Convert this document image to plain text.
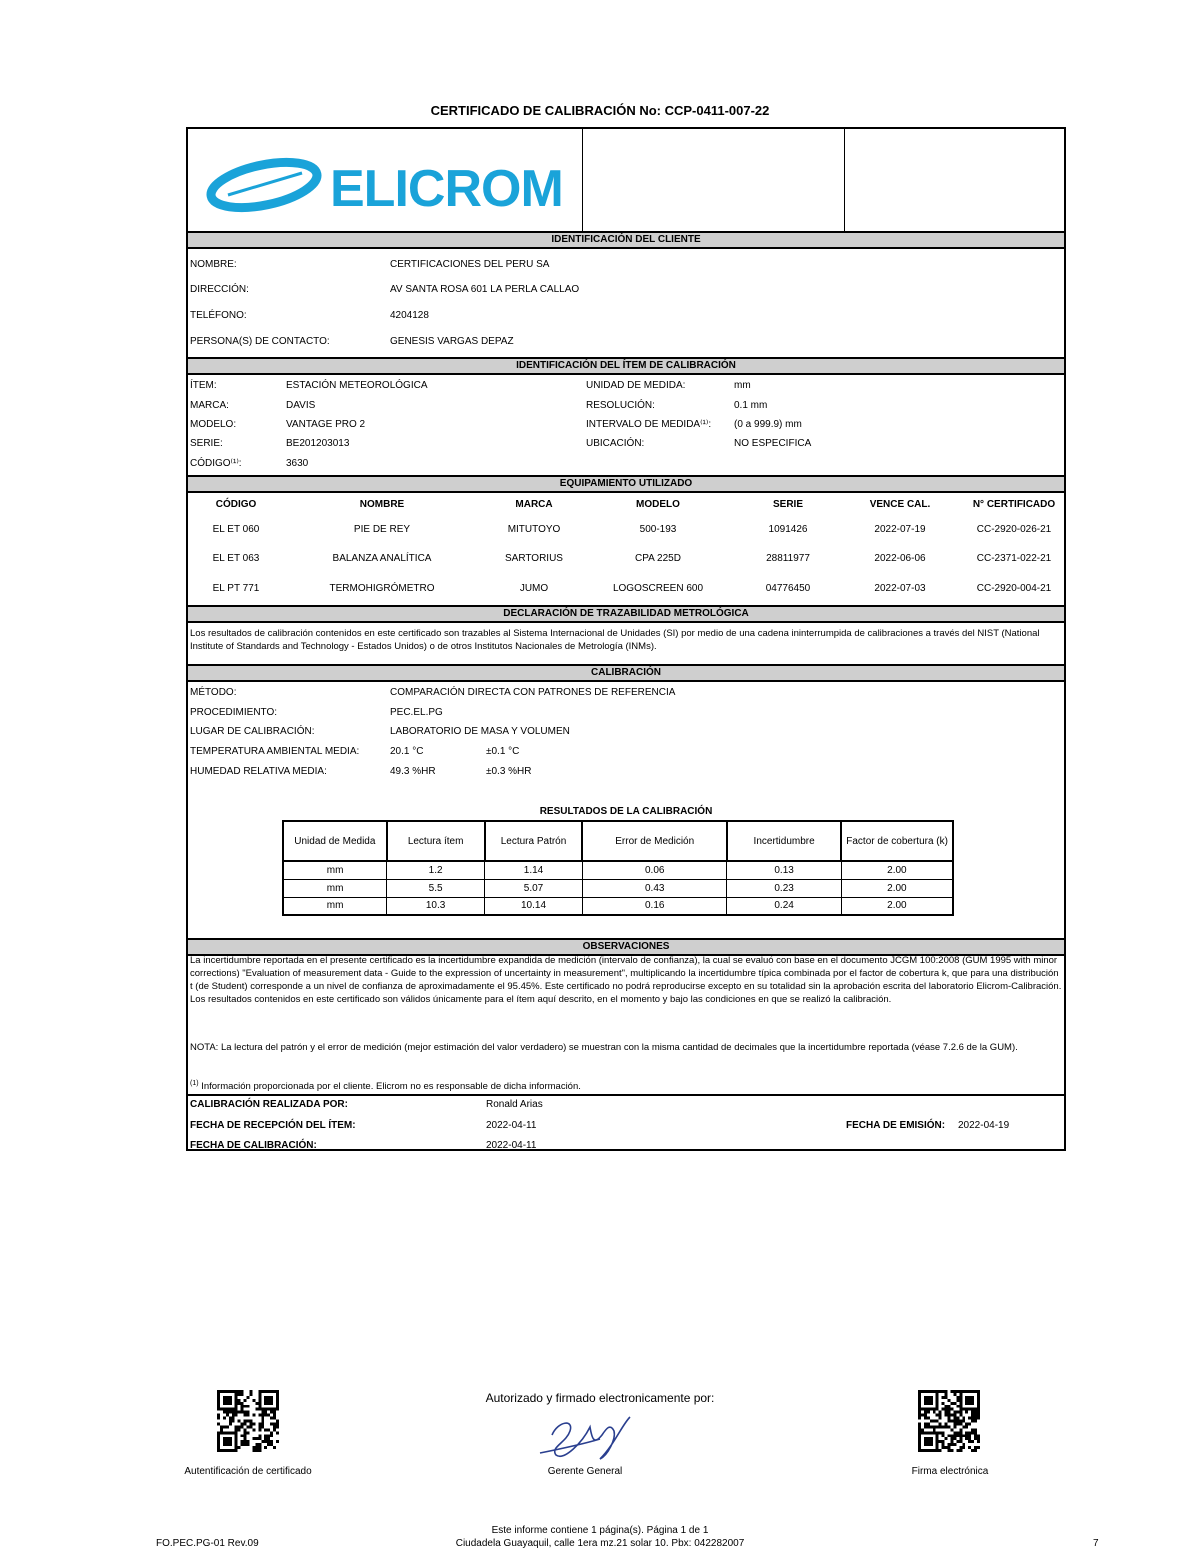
CERTIFICADO DE CALIBRACIÓN No: CCP-0411-007-22
ELICROM
IDENTIFICACIÓN DEL CLIENTE
NOMBRE:	CERTIFICACIONES DEL PERU SA
DIRECCIÓN:	AV SANTA ROSA 601 LA PERLA CALLAO
TELÉFONO:	4204128
PERSONA(S) DE CONTACTO:	GENESIS VARGAS DEPAZ
IDENTIFICACIÓN DEL ÍTEM DE CALIBRACIÓN
ÍTEM:	ESTACIÓN METEOROLÓGICA
MARCA:	DAVIS
MODELO:	VANTAGE PRO 2
SERIE:	BE201203013
CÓDIGO⁽¹⁾:	3630
UNIDAD DE MEDIDA:	mm
RESOLUCIÓN:	0.1 mm
INTERVALO DE MEDIDA⁽¹⁾: (0 a 999.9) mm
UBICACIÓN:	NO ESPECIFICA
EQUIPAMIENTO UTILIZADO
CÓDIGO	NOMBRE	MARCA	MODELO	SERIE	VENCE CAL.	N° CERTIFICADO
EL ET 060	PIE DE REY	MITUTOYO	500-193	1091426	2022-07-19	CC-2920-026-21
EL ET 063	BALANZA ANALÍTICA	SARTORIUS	CPA 225D	28811977	2022-06-06	CC-2371-022-21
EL PT 771	TERMOHIGRÓMETRO	JUMO	LOGOSCREEN 600	04776450	2022-07-03	CC-2920-004-21
DECLARACIÓN DE TRAZABILIDAD METROLÓGICA
Los resultados de calibración contenidos en este certificado son trazables al Sistema Internacional de Unidades (SI) por medio de una cadena ininterrumpida de calibraciones a través del NIST (National Institute of Standards and Technology - Estados Unidos) o de otros Institutos Nacionales de Metrología (INMs).
CALIBRACIÓN
MÉTODO:	COMPARACIÓN DIRECTA CON PATRONES DE REFERENCIA
PROCEDIMIENTO:	PEC.EL.PG
LUGAR DE CALIBRACIÓN:	LABORATORIO DE MASA Y VOLUMEN
TEMPERATURA AMBIENTAL MEDIA:	20.1 °C	±0.1 °C
HUMEDAD RELATIVA MEDIA:	49.3 %HR	±0.3 %HR
RESULTADOS DE LA CALIBRACIÓN
Unidad de Medida	Lectura ítem	Lectura Patrón	Error de Medición	Incertidumbre	Factor de cobertura (k)
mm	1.2	1.14	0.06	0.13	2.00
mm	5.5	5.07	0.43	0.23	2.00
mm	10.3	10.14	0.16	0.24	2.00
OBSERVACIONES
La incertidumbre reportada en el presente certificado es la incertidumbre expandida de medición (intervalo de confianza), la cual se evaluó con base en el documento JCGM 100:2008 (GUM 1995 with minor corrections) "Evaluation of measurement data - Guide to the expression of uncertainty in measurement", multiplicando la incertidumbre típica combinada por el factor de cobertura k, que para una distribución t (de Student) corresponde a un nivel de confianza de aproximadamente el 95.45%. Este certificado no podrá reproducirse excepto en su totalidad sin la aprobación escrita del laboratorio Elicrom-Calibración. Los resultados contenidos en este certificado son válidos únicamente para el ítem aquí descrito, en el momento y bajo las condiciones en que se realizó la calibración.
NOTA: La lectura del patrón y el error de medición (mejor estimación del valor verdadero) se muestran con la misma cantidad de decimales que la incertidumbre reportada (véase 7.2.6 de la GUM).
$^{(1)}$ Información proporcionada por el cliente. Elicrom no es responsable de dicha información.
CALIBRACIÓN REALIZADA POR:	Ronald Arias
FECHA DE RECEPCIÓN DEL ÍTEM:	2022-04-11	FECHA DE EMISIÓN: 2022-04-19
FECHA DE CALIBRACIÓN:	2022-04-11
Autentificación de certificado
Autorizado y firmado electronicamente por:
Gerente General	Firma electrónica
Este informe contiene 1 página(s). Página 1 de 1
Ciudadela Guayaquil, calle 1era mz.21 solar 10. Pbx: 042282007
FO.PEC.PG-01 Rev.09	7
